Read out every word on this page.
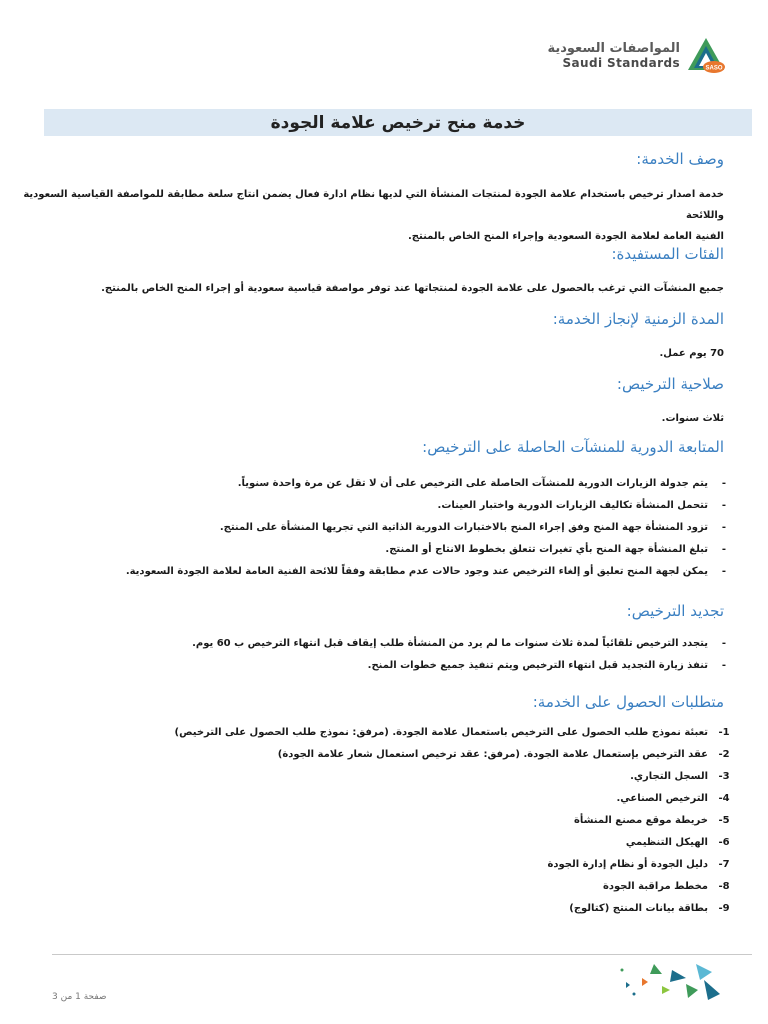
المواصفات السعودية
Saudi Standards	SASO
خدمة منح ترخيص علامة الجودة
وصف الخدمة:

خدمة اصدار ترخيص باستخدام علامة الجودة لمنتجات المنشأة التي لديها نظام ادارة فعال يضمن انتاج سلعة مطابقة للمواصفة القياسية السعودية واللائحة

الفنية العامة لعلامة الجودة السعودية وإجراء المنح الخاص بالمنتج.

الفئات المستفيدة:

جميع المنشآت التي ترغب بالحصول على علامة الجودة لمنتجاتها عند توفر مواصفة قياسية سعودية أو إجراء المنح الخاص بالمنتج.

المدة الزمنية لإنجاز الخدمة:

70 يوم عمل.

صلاحية الترخيص:

ثلاث سنوات.

المتابعة الدورية للمنشآت الحاصلة على الترخيص:
-
يتم جدولة الزيارات الدورية للمنشآت الحاصلة على الترخيص على أن لا تقل عن مرة واحدة سنوياً.
-
تتحمل المنشأة تكاليف الزيارات الدورية واختبار العينات.
-
تزود المنشأة جهة المنح وفق إجراء المنح بالاختبارات الدورية الذاتية التي تجريها المنشأة على المنتج.
-
تبلغ المنشأة جهة المنح بأي تغيرات تتعلق بخطوط الانتاج أو المنتج.
-
يمكن لجهة المنح تعليق أو إلغاء الترخيص عند وجود حالات عدم مطابقة وفقاً للائحة الفنية العامة لعلامة الجودة السعودية.
تجديد الترخيص:
-
يتجدد الترخيص تلقائياً لمدة ثلاث سنوات ما لم يرد من المنشأة طلب إيقاف قبل انتهاء الترخيص ب 60 يوم.
-
تنفذ زيارة التجديد قبل انتهاء الترخيص ويتم تنفيذ جميع خطوات المنح.
متطلبات الحصول على الخدمة:
-1
تعبئة نموذج طلب الحصول على الترخيص باستعمال علامة الجودة. (مرفق: نموذج طلب الحصول على الترخيص)
-2
عقد الترخيص بإستعمال علامة الجودة. (مرفق: عقد ترخيص استعمال شعار علامة الجودة)
-3
السجل التجاري.
-4
الترخيص الصناعي.
-5
خريطة موقع مصنع المنشأة
-6
الهيكل التنظيمي
-7
دليل الجودة أو نظام إدارة الجودة
-8
مخطط مراقبة الجودة
-9
بطاقة بيانات المنتج (كتالوج)
صفحة 1 من 3
